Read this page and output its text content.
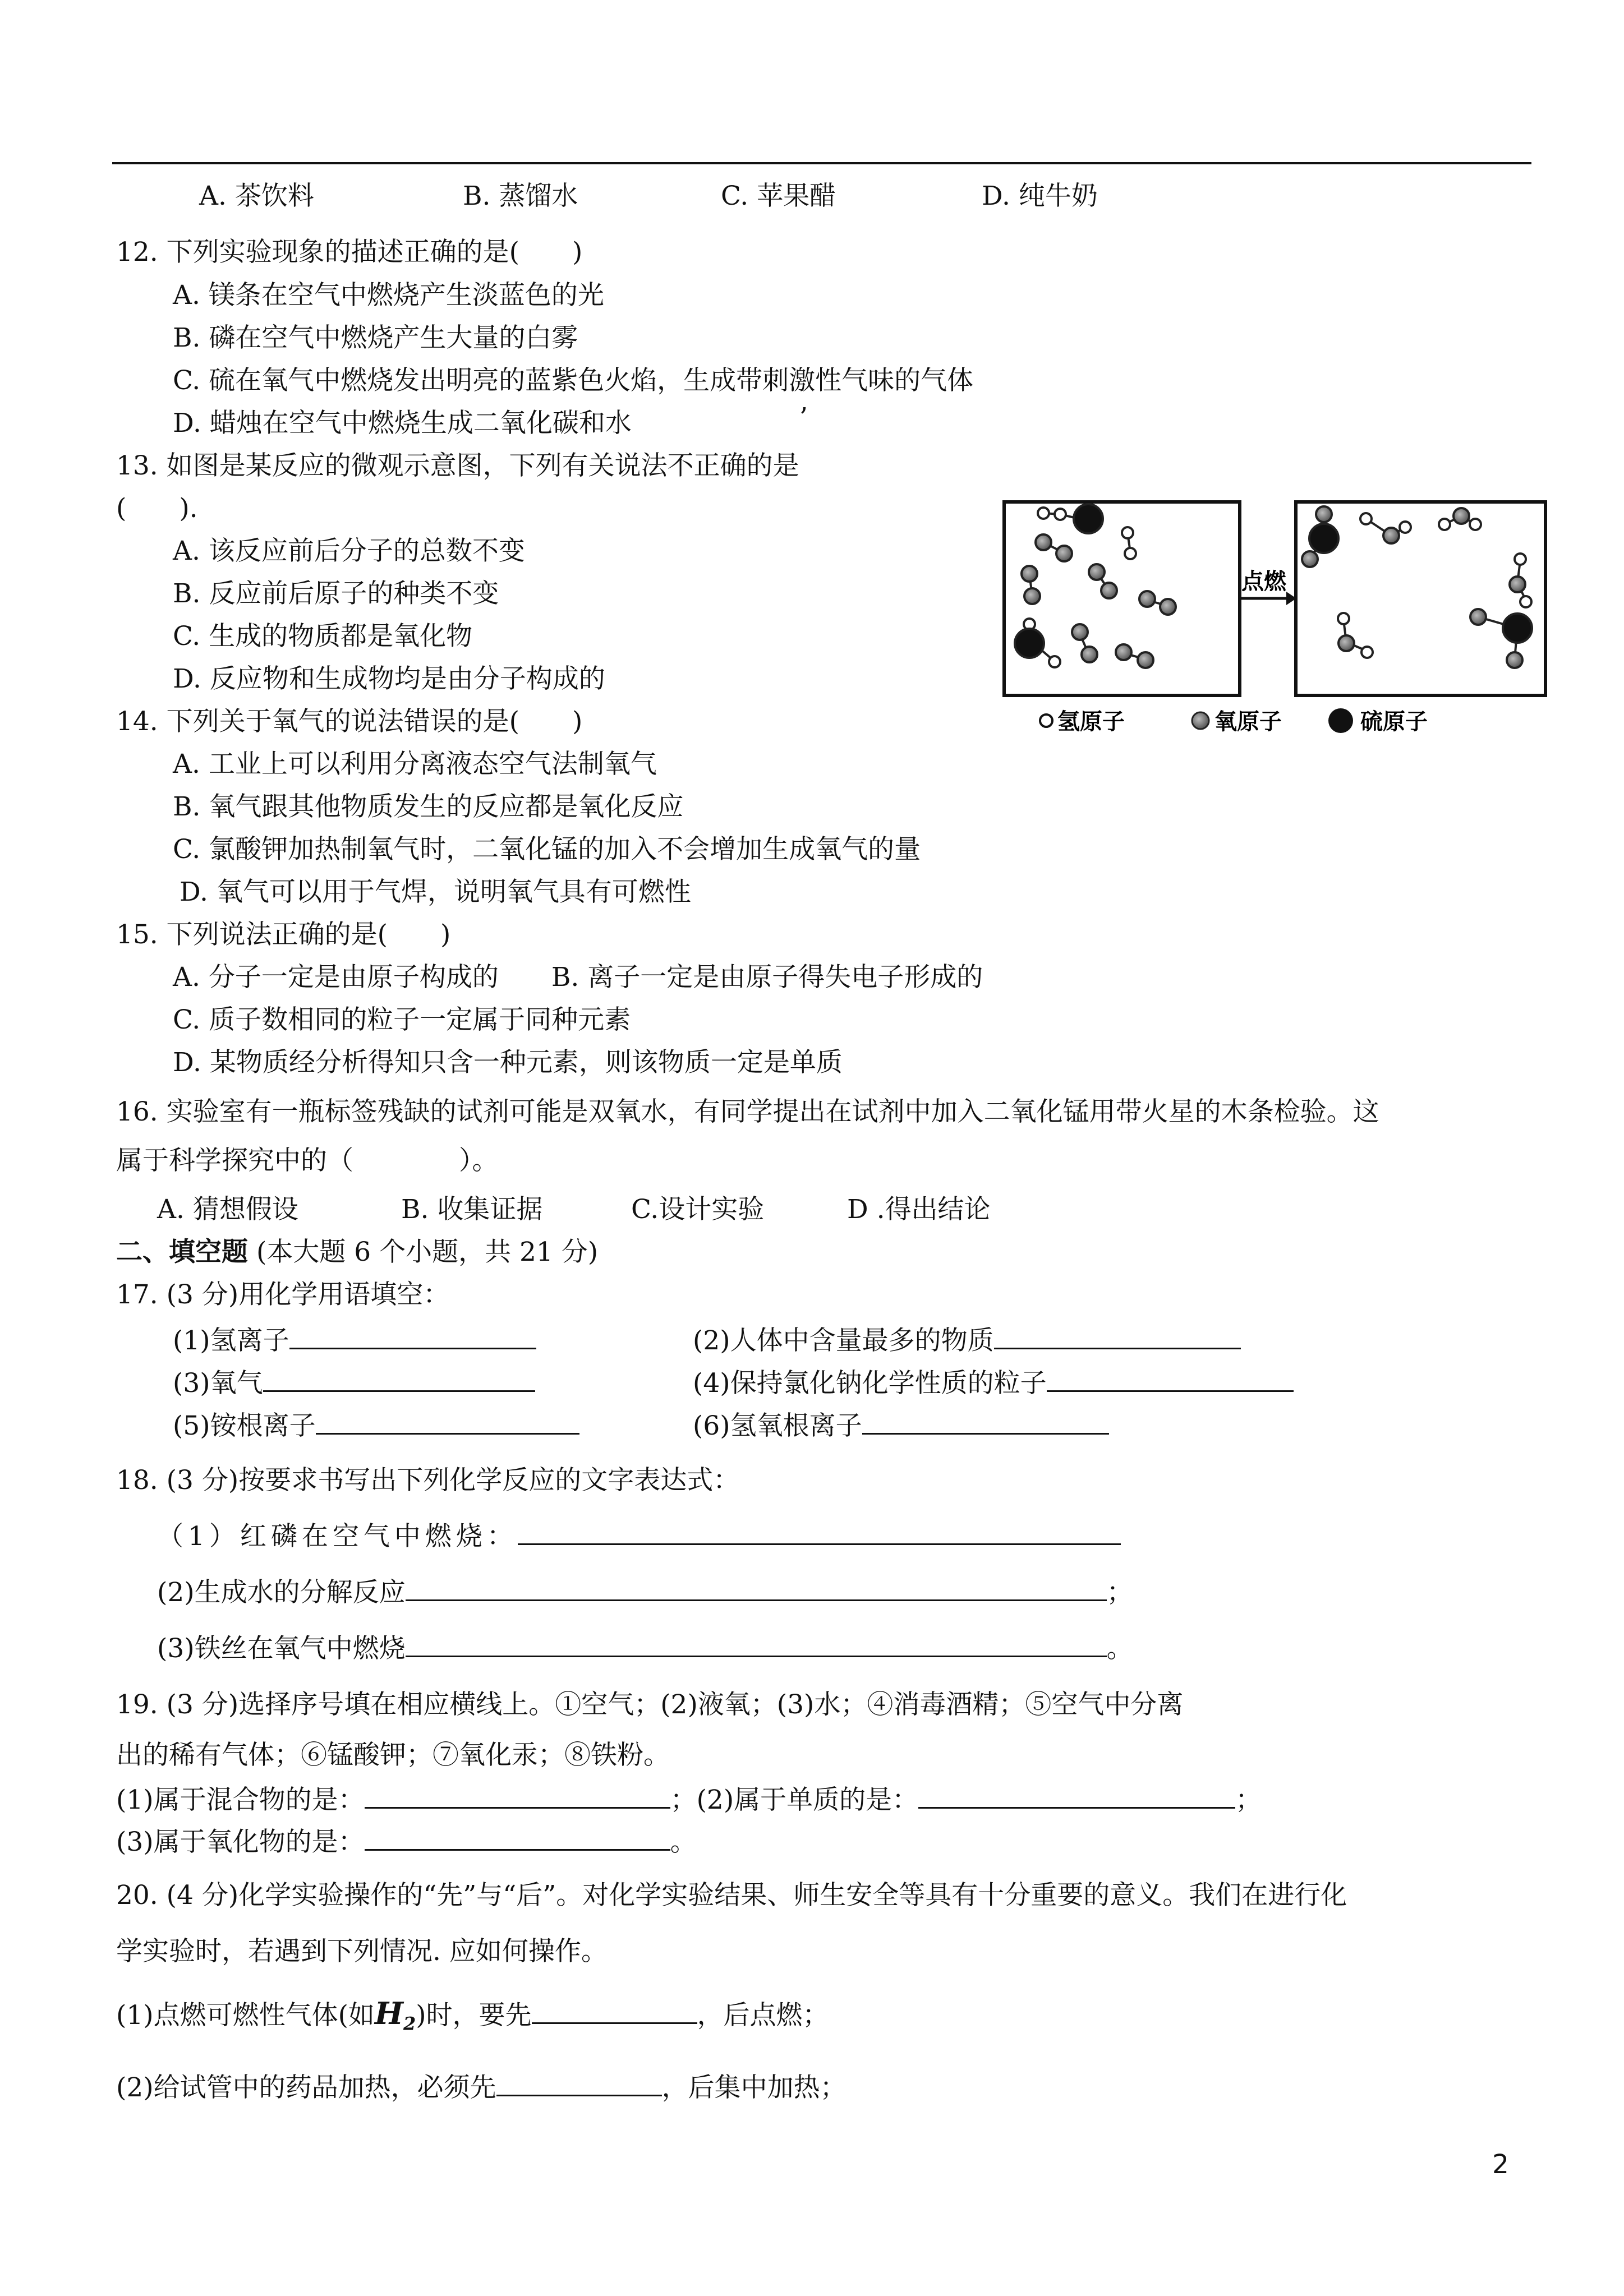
A. 茶饮料	B. 蒸馏水	C. 苹果醋	D. 纯牛奶
12. 下列实验现象的描述正确的是(　　)
A. 镁条在空气中燃烧产生淡蓝色的光
B. 磷在空气中燃烧产生大量的白雾
C. 硫在氧气中燃烧发出明亮的蓝紫色火焰，生成带刺激性气味的气体
D. 蜡烛在空气中燃烧生成二氧化碳和水	’
13. 如图是某反应的微观示意图，下列有关说法不正确的是
(　　).
A. 该反应前后分子的总数不变
B. 反应前后原子的种类不变
C. 生成的物质都是氧化物
D. 反应物和生成物均是由分子构成的
点燃
氢原子	氧原子	硫原子
14. 下列关于氧气的说法错误的是(　　)
A. 工业上可以利用分离液态空气法制氧气
B. 氧气跟其他物质发生的反应都是氧化反应
C. 氯酸钾加热制氧气时，二氧化锰的加入不会增加生成氧气的量
D. 氧气可以用于气焊，说明氧气具有可燃性
15. 下列说法正确的是(　　)
A. 分子一定是由原子构成的　　B. 离子一定是由原子得失电子形成的
C. 质子数相同的粒子一定属于同种元素
D. 某物质经分析得知只含一种元素，则该物质一定是单质
16. 实验室有一瓶标签残缺的试剂可能是双氧水，有同学提出在试剂中加入二氧化锰用带火星的木条检验。这
属于科学探究中的（　　　　）。
A. 猜想假设	B. 收集证据	C.设计实验	D .得出结论
二、填空题 (本大题 6 个小题，共 21 分)
17. (3 分)用化学用语填空：
(1)氢离子	(2)人体中含量最多的物质
(3)氧气	(4)保持氯化钠化学性质的粒子
(5)铵根离子	(6)氢氧根离子
18. (3 分)按要求书写出下列化学反应的文字表达式：
（1）红磷在空气中燃烧：
(2)生成水的分解反应	；
(3)铁丝在氧气中燃烧	。
19. (3 分)选择序号填在相应横线上。①空气；(2)液氧；(3)水；④消毒酒精；⑤空气中分离
出的稀有气体；⑥锰酸钾；⑦氧化汞；⑧铁粉。
(1)属于混合物的是：	；(2)属于单质的是：	；
(3)属于氧化物的是：	。
20. (4 分)化学实验操作的“先”与“后”。对化学实验结果、师生安全等具有十分重要的意义。我们在进行化
学实验时，若遇到下列情况. 应如何操作。
(1)点燃可燃性气体(如$H_2$)时，要先	，后点燃；
(2)给试管中的药品加热，必须先	，后集中加热；
2
